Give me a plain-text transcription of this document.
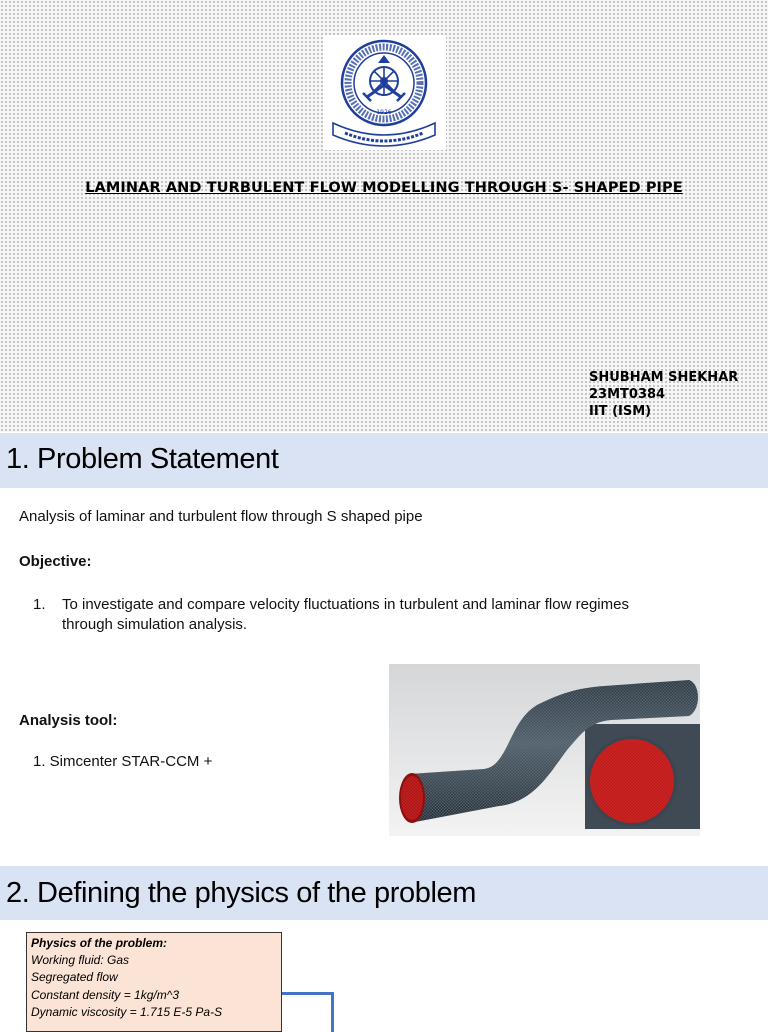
1926
LAMINAR AND TURBULENT FLOW MODELLING THROUGH S- SHAPED PIPE
SHUBHAM SHEKHAR
23MT0384
IIT (ISM)
1. Problem Statement
Analysis of laminar and turbulent flow through S shaped pipe
Objective:
1. To investigate and compare velocity fluctuations in turbulent and laminar flow regimes
through simulation analysis.
Analysis tool:
1. Simcenter STAR-CCM +
2. Defining the physics of the problem
Physics of the problem:
Working fluid: Gas
Segregated flow
Constant density = 1kg/m^3
Dynamic viscosity = 1.715 E-5 Pa-S
